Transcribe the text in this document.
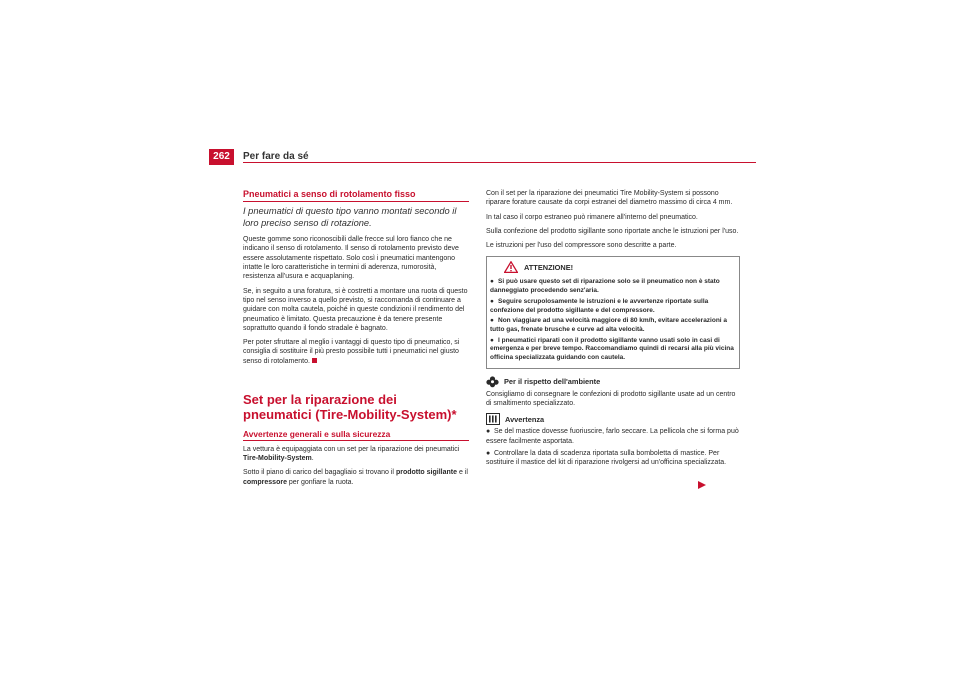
262	Per fare da sé
Pneumatici a senso di rotolamento fisso
I pneumatici di questo tipo vanno montati secondo il loro preciso senso di rotazione.

Queste gomme sono riconoscibili dalle frecce sul loro fianco che ne indicano il senso di rotolamento. Il senso di rotolamento previsto deve essere assolutamente rispettato. Solo così i pneumatici mantengono intatte le loro caratteristiche in termini di aderenza, rumorosità, resistenza all'usura e acquaplaning.

Se, in seguito a una foratura, si è costretti a montare una ruota di questo tipo nel senso inverso a quello previsto, si raccomanda di continuare a guidare con molta cautela, poiché in queste condizioni il rendimento del pneumatico è limitato. Questa precauzione è da tenere presente soprattutto quando il fondo stradale è bagnato.

Per poter sfruttare al meglio i vantaggi di questo tipo di pneumatico, si consiglia di sostituire il più presto possibile tutti i pneumatici nel giusto senso di rotolamento.

Set per la riparazione dei pneumatici (Tire-Mobility-System)*
Avvertenze generali e sulla sicurezza

La vettura è equipaggiata con un set per la riparazione dei pneumatici Tire-Mobility-System.

Sotto il piano di carico del bagagliaio si trovano il prodotto sigillante e il compressore per gonfiare la ruota.

Con il set per la riparazione dei pneumatici Tire Mobility-System si possono riparare forature causate da corpi estranei del diametro massimo di circa 4 mm.

In tal caso il corpo estraneo può rimanere all'interno del pneumatico.

Sulla confezione del prodotto sigillante sono riportate anche le istruzioni per l'uso.

Le istruzioni per l'uso del compressore sono descritte a parte.

ATTENZIONE!
● Si può usare questo set di riparazione solo se il pneumatico non è stato danneggiato procedendo senz'aria.
● Seguire scrupolosamente le istruzioni e le avvertenze riportate sulla confezione del prodotto sigillante e del compressore.
● Non viaggiare ad una velocità maggiore di 80 km/h, evitare accelerazioni a tutto gas, frenate brusche e curve ad alta velocità.
● I pneumatici riparati con il prodotto sigillante vanno usati solo in casi di emergenza e per breve tempo. Raccomandiamo quindi di recarsi alla più vicina officina specializzata guidando con cautela.
Per il rispetto dell'ambiente

Consigliamo di consegnare le confezioni di prodotto sigillante usate ad un centro di smaltimento specializzato.

Avvertenza
● Se del mastice dovesse fuoriuscire, farlo seccare. La pellicola che si forma può essere facilmente asportata.
● Controllare la data di scadenza riportata sulla bomboletta di mastice. Per sostituire il mastice del kit di riparazione rivolgersi ad un'officina specializzata.
